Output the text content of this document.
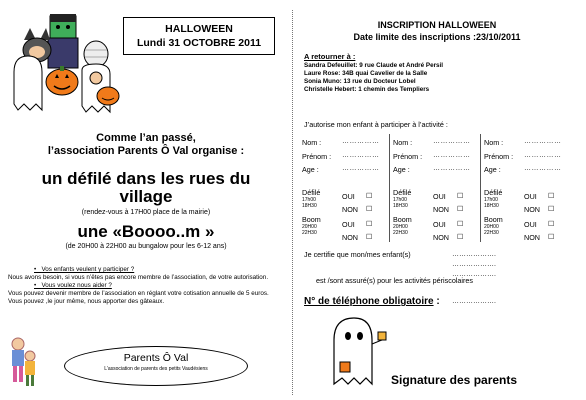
HALLOWEEN
Lundi 31 OCTOBRE 2011
Comme l’an passé,
l’association Parents Ô Val organise :
un défilé dans les rues du village
(rendez-vous à 17H00 place de la mairie)
une «Boooo..m »
(de 20H00 à 22H00 au bungalow pour les 6-12 ans)
•   Vos enfants veulent y participer ?
Nous avons besoin, si vous n’êtes pas encore membre de l’association, de votre autorisation.
•   Vous voulez nous aider ?
Vous pouvez devenir membre de l’association en réglant votre cotisation annuelle de 5 euros.
Vous pouvez ,le jour même, nous apporter des gâteaux.
Parents Ô Val
L’association de parents des petits Vaudésiens
INSCRIPTION HALLOWEEN
Date limite des inscriptions :23/10/2011
A retourner à :
Sandra Defeuillet: 9 rue Claude et André Persil
Laure Rose: 34B quai Cavelier de la Salle
Sonia Muno: 13 rue du Docteur Lobel
Christelle Hebert: 1 chemin des Templiers
J’autorise mon enfant à participer à l’activité :
Nom :	……………
Prénom : ……………
Age :	……………
Défilé
17h00
18H30
OUI ☐
NON ☐
Boom
20H00
22H30
OUI ☐
NON ☐
Nom :	……………
Prénom : ……………
Age :	……………
Défilé
17h00
18H30
OUI ☐
NON ☐
Boom
20H00
22H30
OUI ☐
NON ☐
Nom :	……………
Prénom : ……………
Age :	……………
Défilé
17h00
18H30
OUI ☐
NON ☐
Boom
20H00
22H30
OUI ☐
NON ☐
Je certifie que mon/mes enfant(s)	……………….
……………….
……………….
est /sont assuré(s) pour les activités périscolaires
N° de téléphone obligatoire : ……………….
Signature des parents
